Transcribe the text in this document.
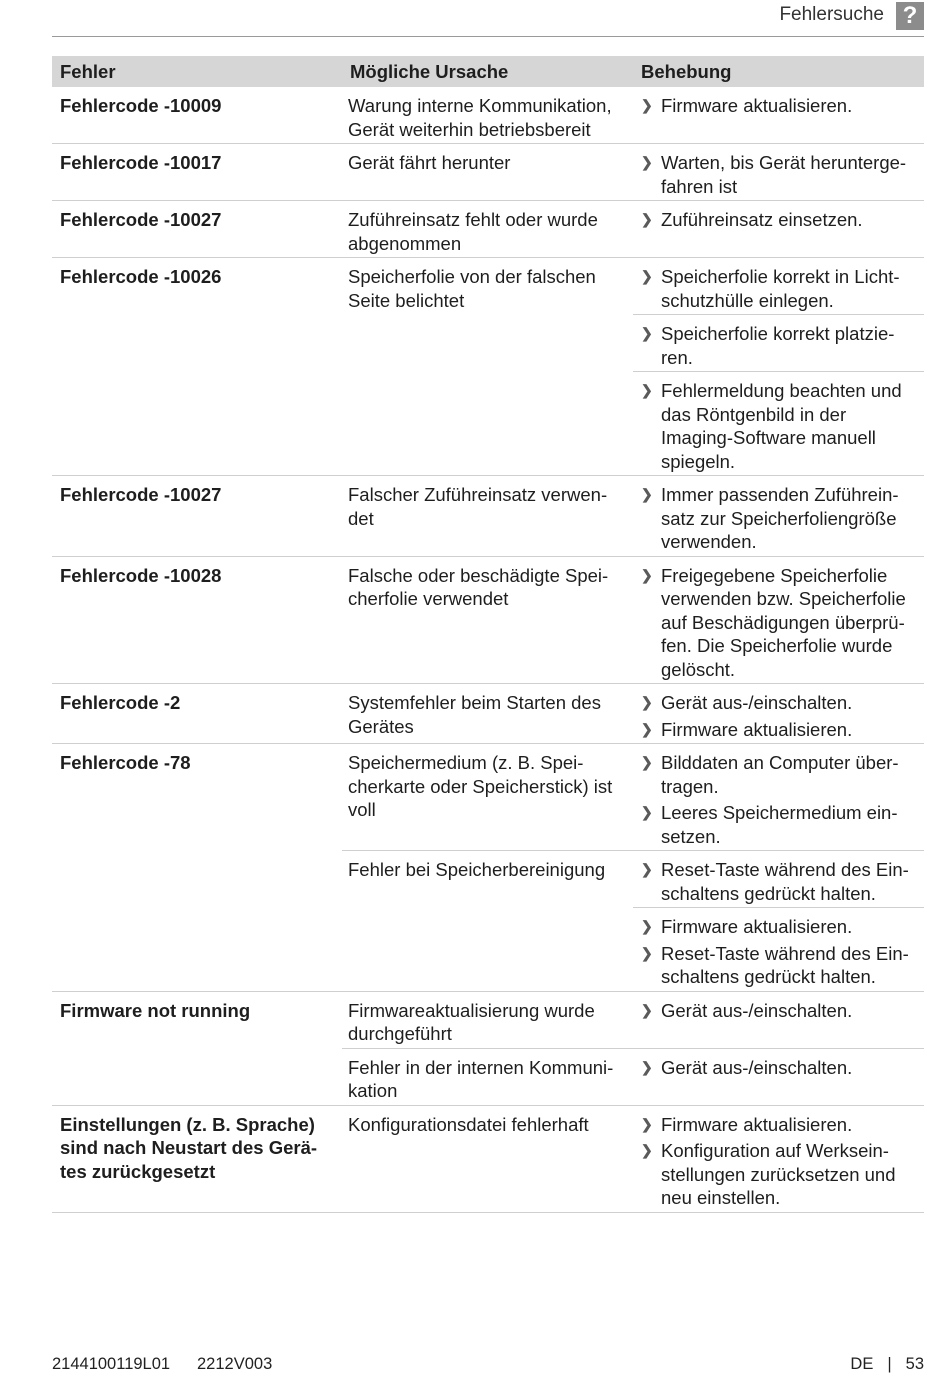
Fehlersuche ?
Fehler	Mögliche Ursache	Behebung
Fehlercode -10009	Warung interne Kommunikation, Gerät weiterhin betriebsbereit	❯ Firmware aktualisieren.

Fehlercode -10017	Gerät fährt herunter	❯ Warten, bis Gerät herunterge-fahren ist

Fehlercode -10027	Zuführeinsatz fehlt oder wurde abgenommen	❯ Zuführeinsatz einsetzen.

Fehlercode -10026	Speicherfolie von der falschen Seite belichtet	❯ Speicherfolie korrekt in Licht-schutzhülle einlegen.

		❯ Speicherfolie korrekt platzie-ren.

		❯ Fehlermeldung beachten und das Röntgenbild in der Imaging-Software manuell spiegeln.

Fehlercode -10027	Falscher Zuführeinsatz verwen-det	❯ Immer passenden Zuführein-satz zur Speicherfoliengröße verwenden.

Fehlercode -10028	Falsche oder beschädigte Spei-cherfolie verwendet	❯ Freigegebene Speicherfolie verwenden bzw. Speicherfolie auf Beschädigungen überprü-fen. Die Speicherfolie wurde gelöscht.

Fehlercode -2	Systemfehler beim Starten des Gerätes	❯ Gerät aus-/einschalten.
❯ Firmware aktualisieren.

Fehlercode -78	Speichermedium (z. B. Spei-cherkarte oder Speicherstick) ist voll	❯ Bilddaten an Computer über-tragen.
❯ Leeres Speichermedium ein-setzen.

	Fehler bei Speicherbereinigung	❯ Reset-Taste während des Ein-schaltens gedrückt halten.

		❯ Firmware aktualisieren.
❯ Reset-Taste während des Ein-schaltens gedrückt halten.

Firmware not running	Firmwareaktualisierung wurde durchgeführt	❯ Gerät aus-/einschalten.

	Fehler in der internen Kommuni-kation	❯ Gerät aus-/einschalten.

Einstellungen (z. B. Sprache) sind nach Neustart des Gerä-tes zurückgesetzt	Konfigurationsdatei fehlerhaft	❯ Firmware aktualisieren.
❯ Konfiguration auf Werksein-stellungen zurücksetzen und neu einstellen.
2144100119L01 2212V003	DE | 53
